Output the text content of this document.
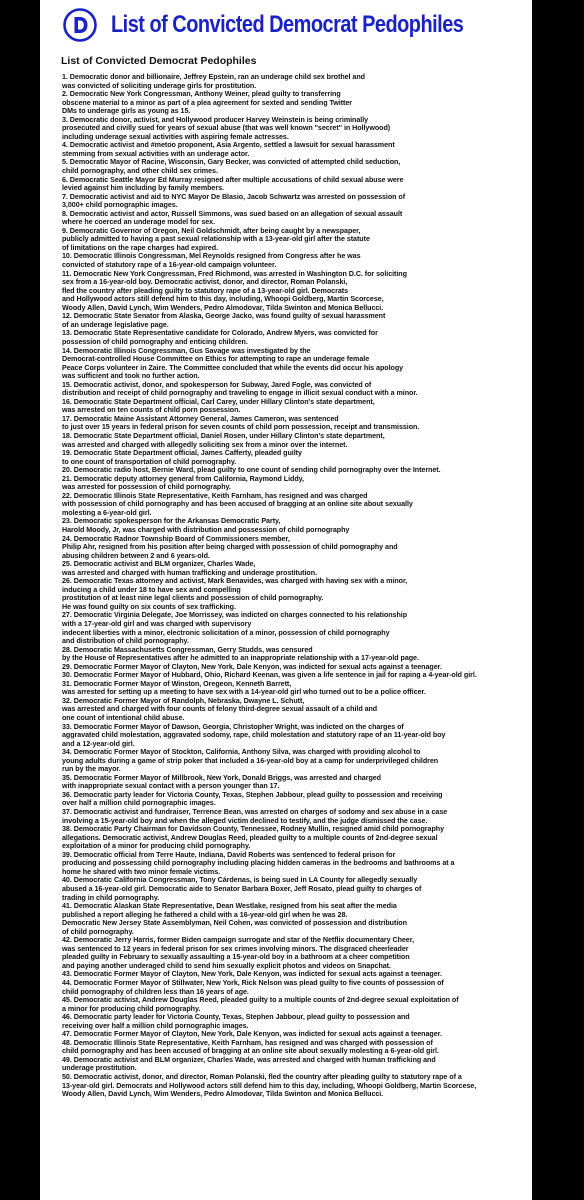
List of Convicted Democrat Pedophiles
List of Convicted Democrat Pedophiles
1. Democratic donor and billionaire, Jeffrey Epstein, ran an underage child sex brothel and
was convicted of soliciting underage girls for prostitution.
2. Democratic New York Congressman, Anthony Weiner, plead guilty to transferring
obscene material to a minor as part of a plea agreement for sexted and sending Twitter
DMs to underage girls as young as 15.
3. Democratic donor, activist, and Hollywood producer Harvey Weinstein is being criminally
prosecuted and civilly sued for years of sexual abuse (that was well known "secret" in Hollywood)
including underage sexual activities with aspiring female actresses.
4. Democratic activist and #metoo proponent, Asia Argento, settled a lawsuit for sexual harassment
stemming from sexual activities with an underage actor.
5. Democratic Mayor of Racine, Wisconsin, Gary Becker, was convicted of attempted child seduction,
child pornography, and other child sex crimes.
6. Democratic Seattle Mayor Ed Murray resigned after multiple accusations of child sexual abuse were
levied against him including by family members.
7. Democratic activist and aid to NYC Mayor De Blasio, Jacob Schwartz was arrested on possession of
3,000+ child pornographic images.
8. Democratic activist and actor, Russell Simmons, was sued based on an allegation of sexual assault
where he coerced an underage model for sex.
9. Democratic Governor of Oregon, Neil Goldschmidt, after being caught by a newspaper,
publicly admitted to having a past sexual relationship with a 13-year-old girl after the statute
of limitations on the rape charges had expired.
10. Democratic Illinois Congressman, Mel Reynolds resigned from Congress after he was
convicted of statutory rape of a 16-year-old campaign volunteer.
11. Democratic New York Congressman, Fred Richmond, was arrested in Washington D.C. for soliciting
sex from a 16-year-old boy. Democratic activist, donor, and director, Roman Polanski,
fled the country after pleading guilty to statutory rape of a 13-year-old girl. Democrats
and Hollywood actors still defend him to this day, including, Whoopi Goldberg, Martin Scorcese,
Woody Allen, David Lynch, Wim Wenders, Pedro Almodovar, Tilda Swinton and Monica Bellucci.
12. Democratic State Senator from Alaska, George Jacko, was found guilty of sexual harassment
of an underage legislative page.
13. Democratic State Representative candidate for Colorado, Andrew Myers, was convicted for
possession of child pornography and enticing children.
14. Democratic Illinois Congressman, Gus Savage was investigated by the
Democrat-controlled House Committee on Ethics for attempting to rape an underage female
Peace Corps volunteer in Zaire. The Committee concluded that while the events did occur his apology
was sufficient and took no further action.
15. Democratic activist, donor, and spokesperson for Subway, Jared Fogle, was convicted of
distribution and receipt of child pornography and traveling to engage in illicit sexual conduct with a minor.
16. Democratic State Department official, Carl Carey, under Hillary Clinton's state department,
was arrested on ten counts of child porn possession.
17. Democratic Maine Assistant Attorney General, James Cameron, was sentenced
to just over 15 years in federal prison for seven counts of child porn possession, receipt and transmission.
18. Democratic State Department official, Daniel Rosen, under Hillary Clinton's state department,
was arrested and charged with allegedly soliciting sex from a minor over the internet.
19. Democratic State Department official, James Cafferty, pleaded guilty
to one count of transportation of child pornography.
20. Democratic radio host, Bernie Ward, plead guilty to one count of sending child pornography over the Internet.
21. Democratic deputy attorney general from California, Raymond Liddy,
was arrested for possession of child pornography.
22. Democratic Illinois State Representative, Keith Farnham, has resigned and was charged
with possession of child pornography and has been accused of bragging at an online site about sexually
molesting a 6-year-old girl.
23. Democratic spokesperson for the Arkansas Democratic Party,
Harold Moody, Jr, was charged with distribution and possession of child pornography
24. Democratic Radnor Township Board of Commissioners member,
Philip Ahr, resigned from his position after being charged with possession of child pornography and
abusing children between 2 and 6 years-old.
25. Democratic activist and BLM organizer, Charles Wade,
was arrested and charged with human trafficking and underage prostitution.
26. Democratic Texas attorney and activist, Mark Benavides, was charged with having sex with a minor,
inducing a child under 18 to have sex and compelling
prostitution of at least nine legal clients and possession of child pornography.
He was found guilty on six counts of sex trafficking.
27. Democratic Virginia Delegate, Joe Morrissey, was indicted on charges connected to his relationship
with a 17-year-old girl and was charged with supervisory
indecent liberties with a minor, electronic solicitation of a minor, possession of child pornography
and distribution of child pornography.
28. Democratic Massachusetts Congressman, Gerry Studds, was censured
by the House of Representatives after he admitted to an inappropriate relationship with a 17-year-old page.
29. Democratic Former Mayor of Clayton, New York, Dale Kenyon, was indicted for sexual acts against a teenager.
30. Democratic Former Mayor of Hubbard, Ohio, Richard Keenan, was given a life sentence in jail for raping a 4-year-old girl.
31. Democratic Former Mayor of Winston, Oregeon, Kenneth Barrett,
was arrested for setting up a meeting to have sex with a 14-year-old girl who turned out to be a police officer.
32. Democratic Former Mayor of Randolph, Nebraska, Dwayne L. Schutt,
was arrested and charged with four counts of felony third-degree sexual assault of a child and
one count of intentional child abuse.
33. Democratic Former Mayor of Dawson, Georgia, Christopher Wright, was indicted on the charges of
aggravated child molestation, aggravated sodomy, rape, child molestation and statutory rape of an 11-year-old boy
and a 12-year-old girl.
34. Democratic Former Mayor of Stockton, California, Anthony Silva, was charged with providing alcohol to
young adults during a game of strip poker that included a 16-year-old boy at a camp for underprivileged children
run by the mayor.
35. Democratic Former Mayor of Millbrook, New York, Donald Briggs, was arrested and charged
with inappropriate sexual contact with a person younger than 17.
36. Democratic party leader for Victoria County, Texas, Stephen Jabbour, plead guilty to possession and receiving
over half a million child pornographic images.
37. Democratic activist and fundraiser, Terrence Bean, was arrested on charges of sodomy and sex abuse in a case
involving a 15-year-old boy and when the alleged victim declined to testify, and the judge dismissed the case.
38. Democratic Party Chairman for Davidson County, Tennessee, Rodney Mullin, resigned amid child pornography
allegations. Democratic activist, Andrew Douglas Reed, pleaded guilty to a multiple counts of 2nd-degree sexual
exploitation of a minor for producing child pornography.
39. Democratic official from Terre Haute, Indiana, David Roberts was sentenced to federal prison for
producing and possessing child pornography including placing hidden cameras in the bedrooms and bathrooms at a
home he shared with two minor female victims.
40. Democratic California Congressman, Tony Cárdenas, is being sued in LA County for allegedly sexually
abused a 16-year-old girl. Democratic aide to Senator Barbara Boxer, Jeff Rosato, plead guilty to charges of
trading in child pornography.
41. Democratic Alaskan State Representative, Dean Westlake, resigned from his seat after the media
published a report alleging he fathered a child with a 16-year-old girl when he was 28.
Democratic New Jersey State Assemblyman, Neil Cohen, was convicted of possession and distribution
of child pornography.
42. Democratic Jerry Harris, former Biden campaign surrogate and star of the Netflix documentary Cheer,
was sentenced to 12 years in federal prison for sex crimes involving minors. The disgraced cheerleader
pleaded guilty in February to sexually assaulting a 15-year-old boy in a bathroom at a cheer competition
and paying another underaged child to send him sexually explicit photos and videos on Snapchat.
43. Democratic Former Mayor of Clayton, New York, Dale Kenyon, was indicted for sexual acts against a teenager.
44. Democratic Former Mayor of Stillwater, New York, Rick Nelson was plead guilty to five counts of possession of
child pornography of children less than 16 years of age.
45. Democratic activist, Andrew Douglas Reed, pleaded guilty to a multiple counts of 2nd-degree sexual exploitation of
a minor for producing child pornography.
46. Democratic party leader for Victoria County, Texas, Stephen Jabbour, plead guilty to possession and
receiving over half a million child pornographic images.
47. Democratic Former Mayor of Clayton, New York, Dale Kenyon, was indicted for sexual acts against a teenager.
48. Democratic Illinois State Representative, Keith Farnham, has resigned and was charged with possession of
child pornography and has been accused of bragging at an online site about sexually molesting a 6-year-old girl.
49. Democratic activist and BLM organizer, Charles Wade, was arrested and charged with human trafficking and
underage prostitution.
50. Democratic activist, donor, and director, Roman Polanski, fled the country after pleading guilty to statutory rape of a
13-year-old girl. Democrats and Hollywood actors still defend him to this day, including, Whoopi Goldberg, Martin Scorcese,
Woody Allen, David Lynch, Wim Wenders, Pedro Almodovar, Tilda Swinton and Monica Bellucci.
